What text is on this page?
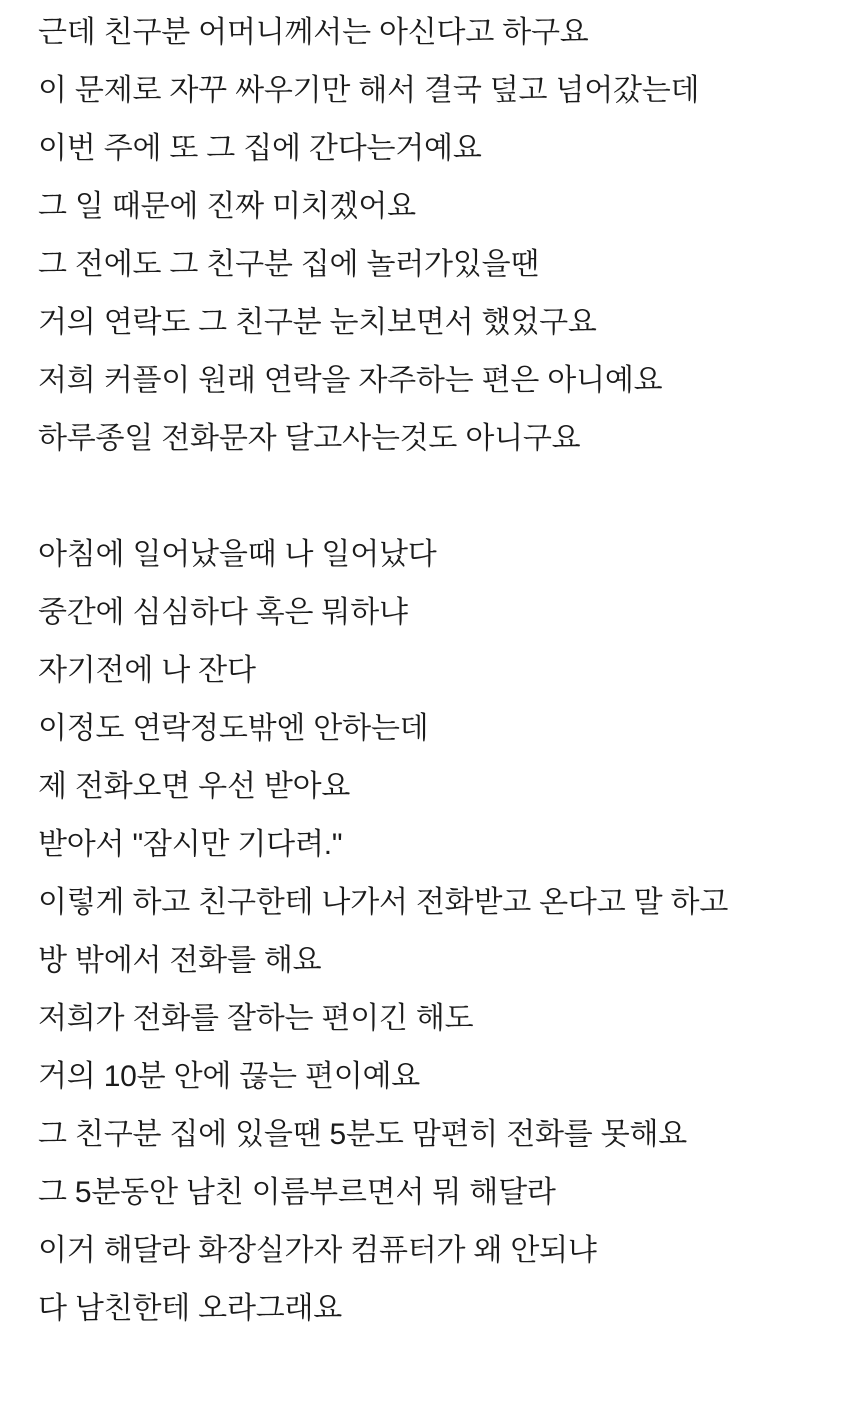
근데 친구분 어머니께서는 아신다고 하구요
이 문제로 자꾸 싸우기만 해서 결국 덮고 넘어갔는데
이번 주에 또 그 집에 간다는거예요
그 일 때문에 진짜 미치겠어요
그 전에도 그 친구분 집에 놀러가있을땐
거의 연락도 그 친구분 눈치보면서 했었구요
저희 커플이 원래 연락을 자주하는 편은 아니예요
하루종일 전화문자 달고사는것도 아니구요
아침에 일어났을때 나 일어났다
중간에 심심하다 혹은 뭐하냐
자기전에 나 잔다
이정도 연락정도밖엔 안하는데
제 전화오면 우선 받아요
받아서 "잠시만 기다려."
이렇게 하고 친구한테 나가서 전화받고 온다고 말 하고
방 밖에서 전화를 해요
저희가 전화를 잘하는 편이긴 해도
거의 10분 안에 끊는 편이예요
그 친구분 집에 있을땐 5분도 맘편히 전화를 못해요
그 5분동안 남친 이름부르면서 뭐 해달라
이거 해달라 화장실가자 컴퓨터가 왜 안되냐
다 남친한테 오라그래요
